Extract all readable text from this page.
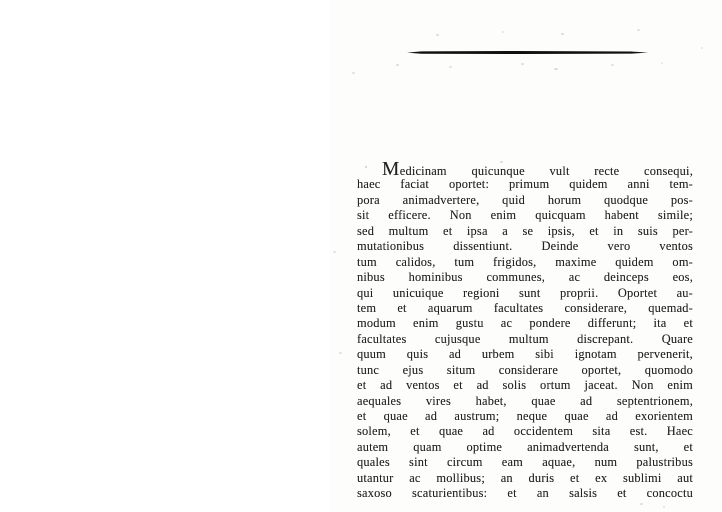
Medicinam quicunque vult recte consequi,
haec faciat oportet: primum quidem anni tem-
pora animadvertere, quid horum quodque pos-
sit efficere. Non enim quicquam habent simile;
sed multum et ipsa a se ipsis, et in suis per-
mutationibus dissentiunt. Deinde vero ventos
tum calidos, tum frigidos, maxime quidem om-
nibus hominibus communes, ac deinceps eos,
qui unicuique regioni sunt proprii. Oportet au-
tem et aquarum facultates considerare, quemad-
modum enim gustu ac pondere differunt; ita et
facultates cujusque multum discrepant. Quare
quum quis ad urbem sibi ignotam pervenerit,
tunc ejus situm considerare oportet, quomodo
et ad ventos et ad solis ortum jaceat. Non enim
aequales vires habet, quae ad septentrionem,
et quae ad austrum; neque quae ad exorientem
solem, et quae ad occidentem sita est. Haec
autem quam optime animadvertenda sunt, et
quales sint circum eam aquae, num palustribus
utantur ac mollibus; an duris et ex sublimi aut
saxoso scaturientibus: et an salsis et concoctu
